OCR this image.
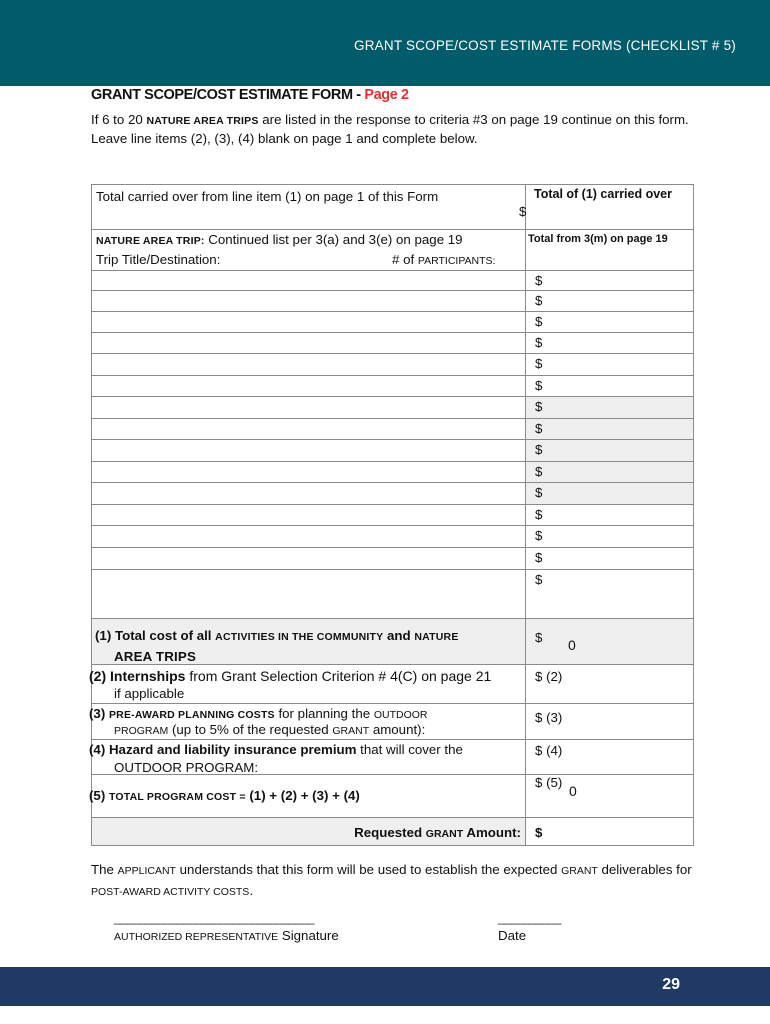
GRANT SCOPE/COST ESTIMATE FORMS (CHECKLIST # 5)
GRANT SCOPE/COST ESTIMATE FORM - Page 2
If 6 to 20 NATURE AREA TRIPS are listed in the response to criteria #3 on page 19 continue on this form. Leave line items (2), (3), (4) blank on page 1 and complete below.
Total carried over from line item (1) on page 1 of this Form	Total of (1) carried over
$
NATURE AREA TRIP: Continued list per 3(a) and 3(e) on page 19
Trip Title/Destination:	# of PARTICIPANTS:
Total from 3(m) on page 19
$
$
$
$
$
$
$
$
$
$
$
$
$
$
$
(1) Total cost of all ACTIVITIES IN THE COMMUNITY and NATURE
AREA TRIPS
$ 0
(2) Internships from Grant Selection Criterion # 4(C) on page 21
if applicable
$ (2)
(3) PRE-AWARD PLANNING COSTS for planning the OUTDOOR
PROGRAM (up to 5% of the requested GRANT amount):
$ (3)
(4) Hazard and liability insurance premium that will cover the
OUTDOOR PROGRAM:
$ (4)
(5) TOTAL PROGRAM COST = (1) + (2) + (3) + (4)
$ (5)
0
Requested GRANT Amount: $
The APPLICANT understands that this form will be used to establish the expected GRANT deliverables for POST-AWARD ACTIVITY COSTS.
________________________________
AUTHORIZED REPRESENTATIVE Signature
__________
Date
29
